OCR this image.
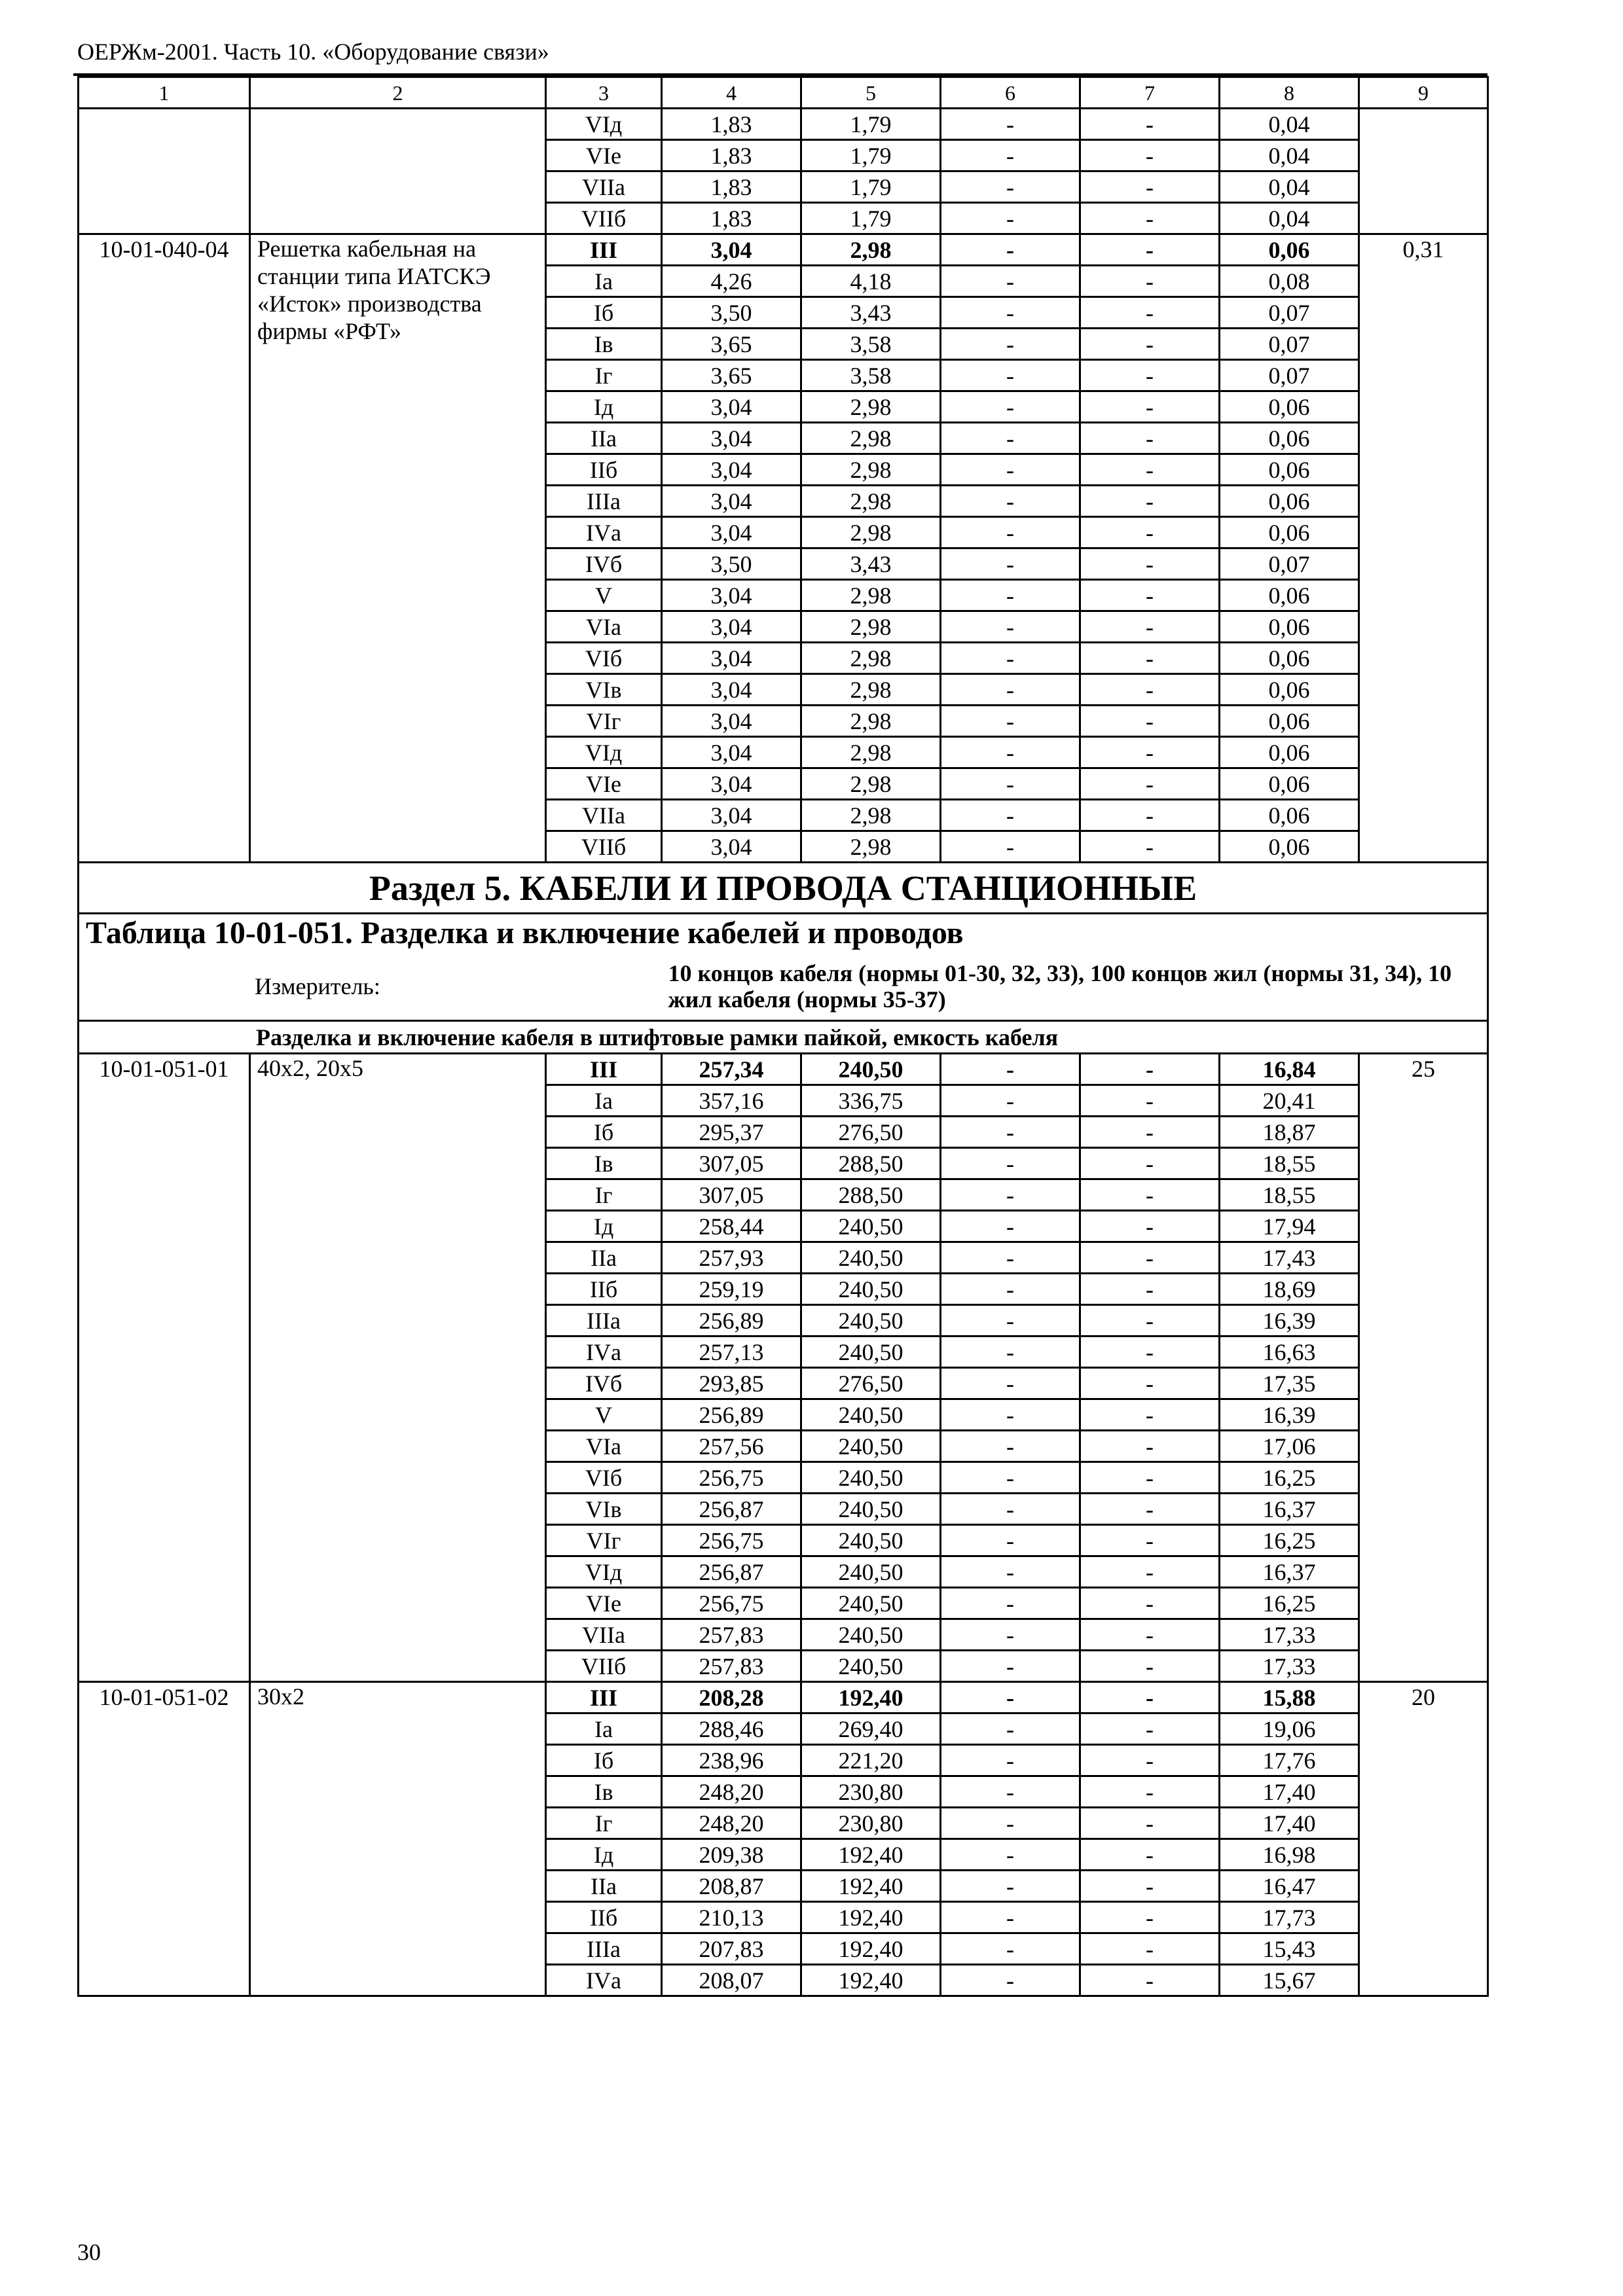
ОЕРЖм-2001. Часть 10. «Оборудование связи»
1	2	3	4	5	6	7	8	9
		VIд	1,83	1,79	-	-	0,04	
		VIе	1,83	1,79	-	-	0,04	
		VIIа	1,83	1,79	-	-	0,04	
		VIIб	1,83	1,79	-	-	0,04	
10-01-040-04	Решетка кабельная на станции типа ИАТСКЭ «Исток» производства фирмы «РФТ»	III	3,04	2,98	-	-	0,06	0,31
		Iа	4,26	4,18	-	-	0,08	
		Iб	3,50	3,43	-	-	0,07	
		Iв	3,65	3,58	-	-	0,07	
		Iг	3,65	3,58	-	-	0,07	
		Iд	3,04	2,98	-	-	0,06	
		IIа	3,04	2,98	-	-	0,06	
		IIб	3,04	2,98	-	-	0,06	
		IIIа	3,04	2,98	-	-	0,06	
		IVа	3,04	2,98	-	-	0,06	
		IVб	3,50	3,43	-	-	0,07	
		V	3,04	2,98	-	-	0,06	
		VIа	3,04	2,98	-	-	0,06	
		VIб	3,04	2,98	-	-	0,06	
		VIв	3,04	2,98	-	-	0,06	
		VIг	3,04	2,98	-	-	0,06	
		VIд	3,04	2,98	-	-	0,06	
		VIе	3,04	2,98	-	-	0,06	
		VIIа	3,04	2,98	-	-	0,06	
		VIIб	3,04	2,98	-	-	0,06	
Раздел 5. КАБЕЛИ И ПРОВОДА СТАНЦИОННЫЕ								
Таблица 10-01-051. Разделка и включение кабелей и проводов								
Измеритель:			10 концов кабеля (нормы 01-30, 32, 33), 100 концов жил (нормы 31, 34), 10 жил кабеля (нормы 35-37)					
Разделка и включение кабеля в штифтовые рамки пайкой, емкость кабеля								
10-01-051-01	40х2, 20х5	III	257,34	240,50	-	-	16,84	25
		Iа	357,16	336,75	-	-	20,41	
		Iб	295,37	276,50	-	-	18,87	
		Iв	307,05	288,50	-	-	18,55	
		Iг	307,05	288,50	-	-	18,55	
		Iд	258,44	240,50	-	-	17,94	
		IIа	257,93	240,50	-	-	17,43	
		IIб	259,19	240,50	-	-	18,69	
		IIIа	256,89	240,50	-	-	16,39	
		IVа	257,13	240,50	-	-	16,63	
		IVб	293,85	276,50	-	-	17,35	
		V	256,89	240,50	-	-	16,39	
		VIа	257,56	240,50	-	-	17,06	
		VIб	256,75	240,50	-	-	16,25	
		VIв	256,87	240,50	-	-	16,37	
		VIг	256,75	240,50	-	-	16,25	
		VIд	256,87	240,50	-	-	16,37	
		VIе	256,75	240,50	-	-	16,25	
		VIIа	257,83	240,50	-	-	17,33	
		VIIб	257,83	240,50	-	-	17,33	
10-01-051-02	30х2	III	208,28	192,40	-	-	15,88	20
		Iа	288,46	269,40	-	-	19,06	
		Iб	238,96	221,20	-	-	17,76	
		Iв	248,20	230,80	-	-	17,40	
		Iг	248,20	230,80	-	-	17,40	
		Iд	209,38	192,40	-	-	16,98	
		IIа	208,87	192,40	-	-	16,47	
		IIб	210,13	192,40	-	-	17,73	
		IIIа	207,83	192,40	-	-	15,43	
		IVа	208,07	192,40	-	-	15,67	
30
